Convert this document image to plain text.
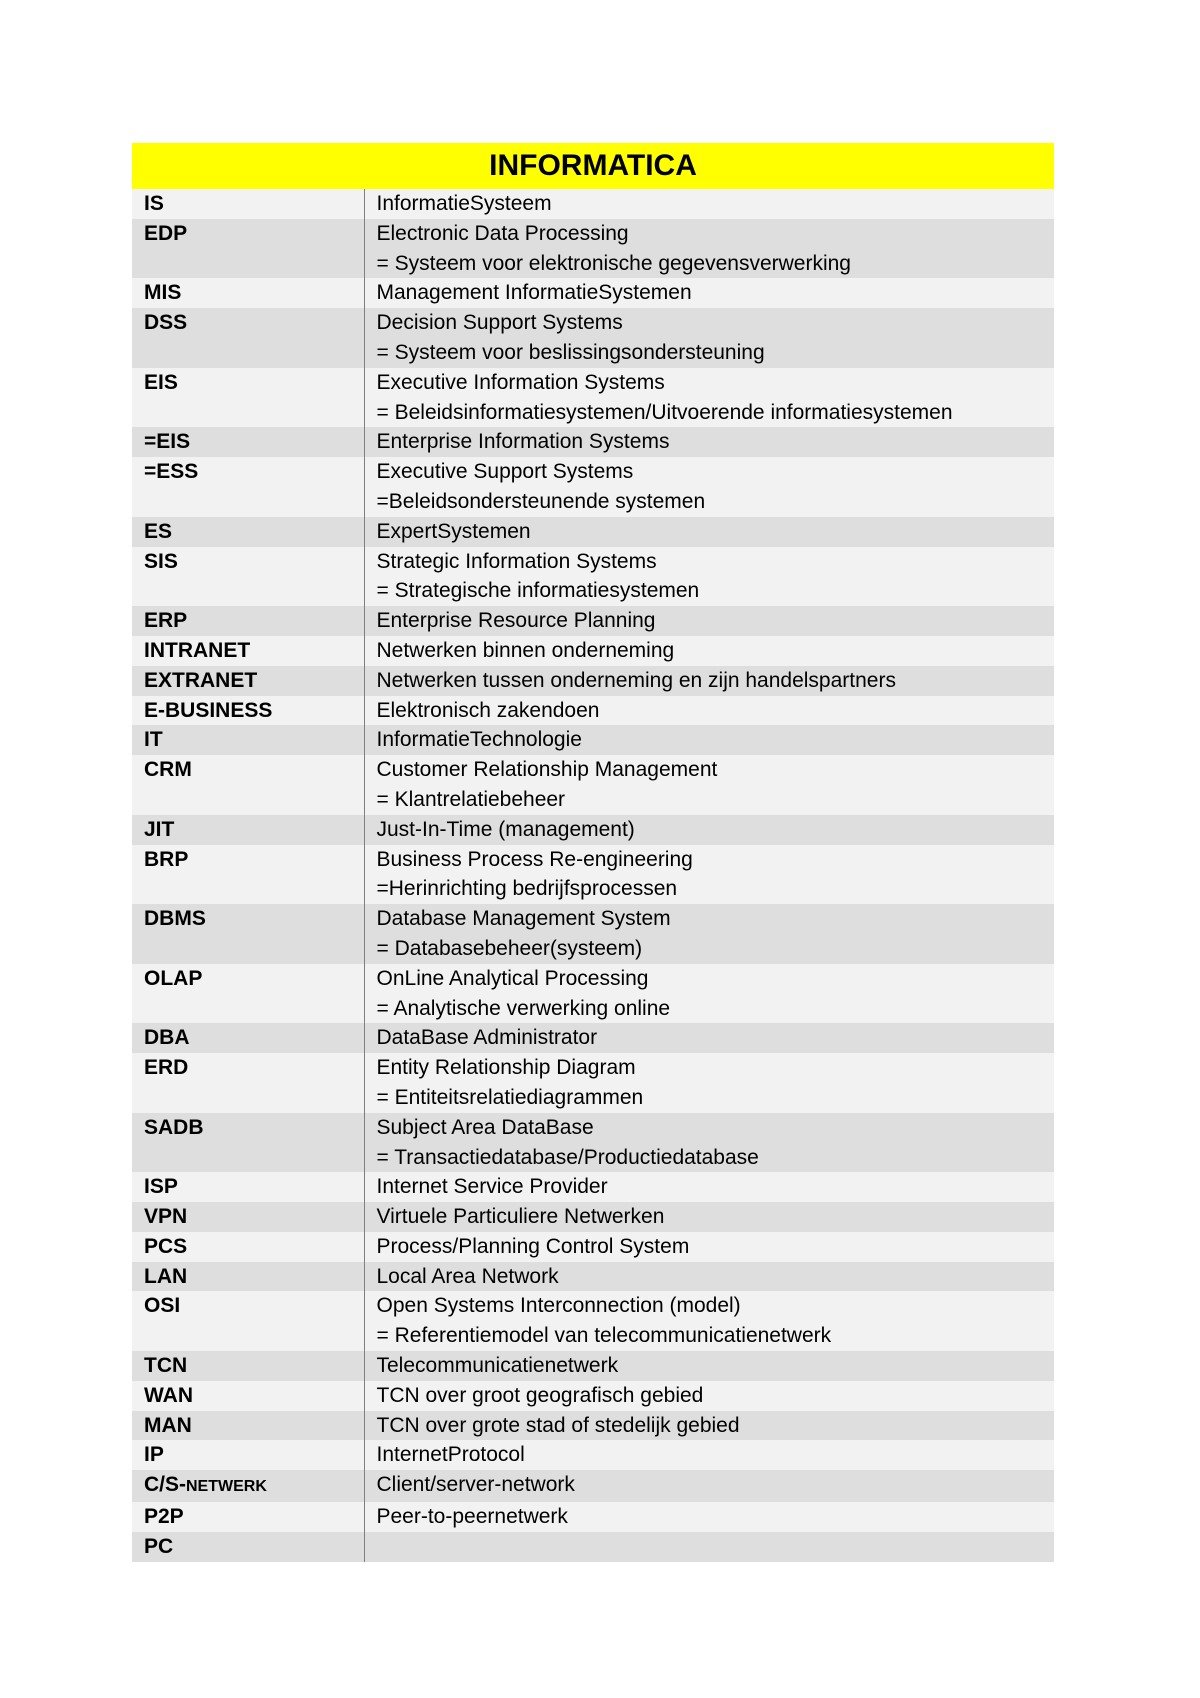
INFORMATICA
IS	InformatieSysteem

EDP	Electronic Data Processing
= Systeem voor elektronische gegevensverwerking

MIS	Management InformatieSystemen

DSS	Decision Support Systems
= Systeem voor beslissingsondersteuning

EIS	Executive Information Systems
= Beleidsinformatiesystemen/Uitvoerende informatiesystemen

=EIS	Enterprise Information Systems

=ESS	Executive Support Systems
=Beleidsondersteunende systemen

ES	ExpertSystemen

SIS	Strategic Information Systems
= Strategische informatiesystemen

ERP	Enterprise Resource Planning

INTRANET	Netwerken binnen onderneming

EXTRANET	Netwerken tussen onderneming en zijn handelspartners

E-BUSINESS	Elektronisch zakendoen

IT	InformatieTechnologie

CRM	Customer Relationship Management
= Klantrelatiebeheer

JIT	Just-In-Time (management)

BRP	Business Process Re-engineering
=Herinrichting bedrijfsprocessen

DBMS	Database Management System
= Databasebeheer(systeem)

OLAP	OnLine Analytical Processing
= Analytische verwerking online

DBA	DataBase Administrator

ERD	Entity Relationship Diagram
= Entiteitsrelatiediagrammen

SADB	Subject Area DataBase
= Transactiedatabase/Productiedatabase

ISP	Internet Service Provider

VPN	Virtuele Particuliere Netwerken

PCS	Process/Planning Control System

LAN	Local Area Network

OSI	Open Systems Interconnection (model)
= Referentiemodel van telecommunicatienetwerk

TCN	Telecommunicatienetwerk

WAN	TCN over groot geografisch gebied

MAN	TCN over grote stad of stedelijk gebied

IP	InternetProtocol

C/S-NETWERK	Client/server-network

P2P	Peer-to-peernetwerk

PC	
